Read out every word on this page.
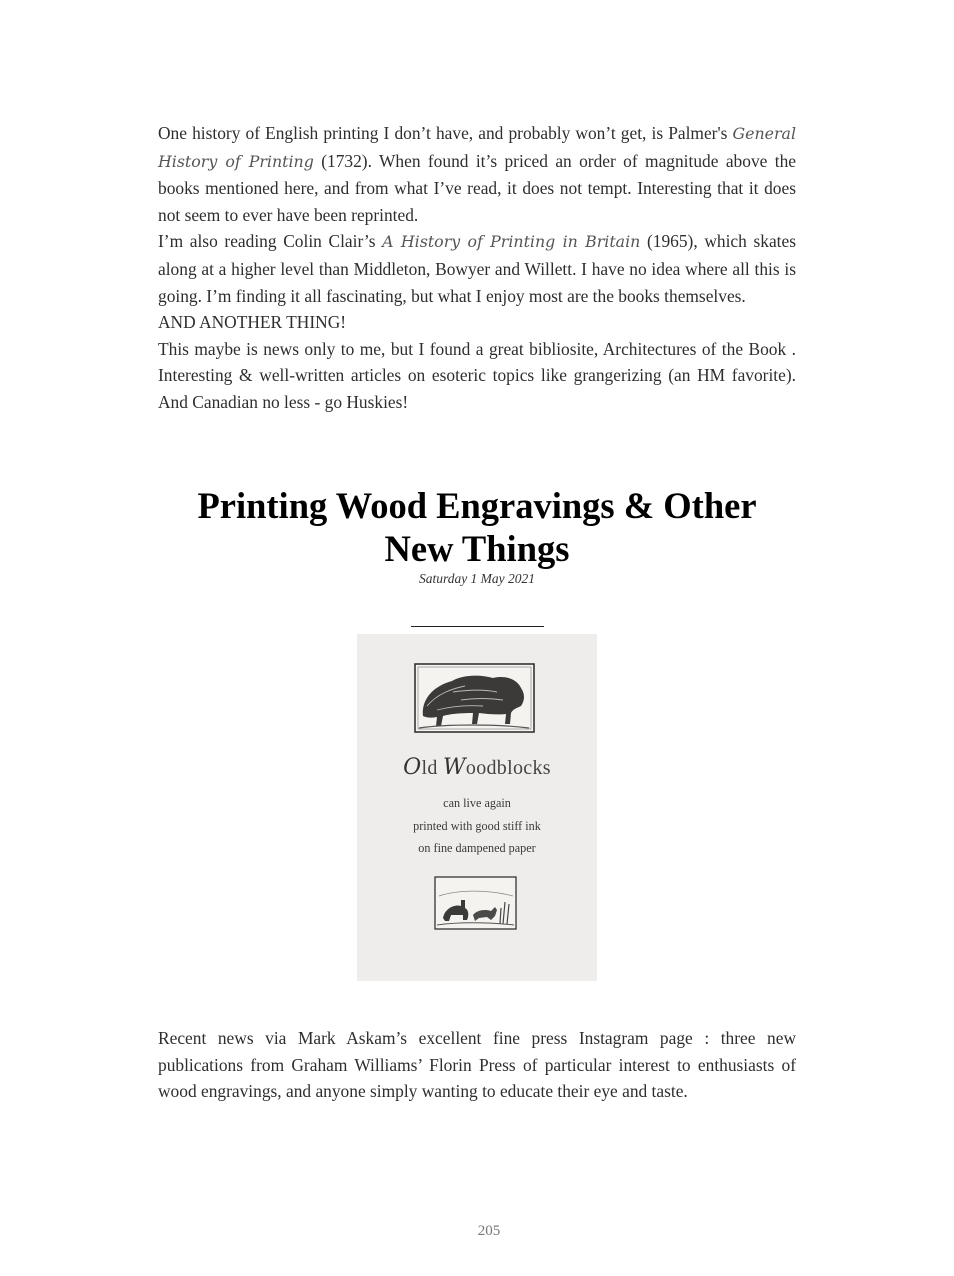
One history of English printing I don’t have, and probably won’t get, is Palmer's General History of Printing (1732). When found it’s priced an order of magnitude above the books mentioned here, and from what I’ve read, it does not tempt. Interesting that it does not seem to ever have been reprinted.

I’m also reading Colin Clair’s A History of Printing in Britain (1965), which skates along at a higher level than Middleton, Bowyer and Willett. I have no idea where all this is going. I’m finding it all fascinating, but what I enjoy most are the books themselves.

AND ANOTHER THING!

This maybe is news only to me, but I found a great bibliosite, Architectures of the Book . Interesting & well-written articles on esoteric topics like grangerizing (an HM favorite). And Canadian no less - go Huskies!

Printing Wood Engravings & Other
New Things
Saturday 1 May 2021
Old Woodblocks
can live again
printed with good stiff ink
on fine dampened paper

Recent news via Mark Askam’s excellent fine press Instagram page : three new publications from Graham Williams’ Florin Press of particular interest to enthusiasts of wood engravings, and anyone simply wanting to educate their eye and taste.

205
